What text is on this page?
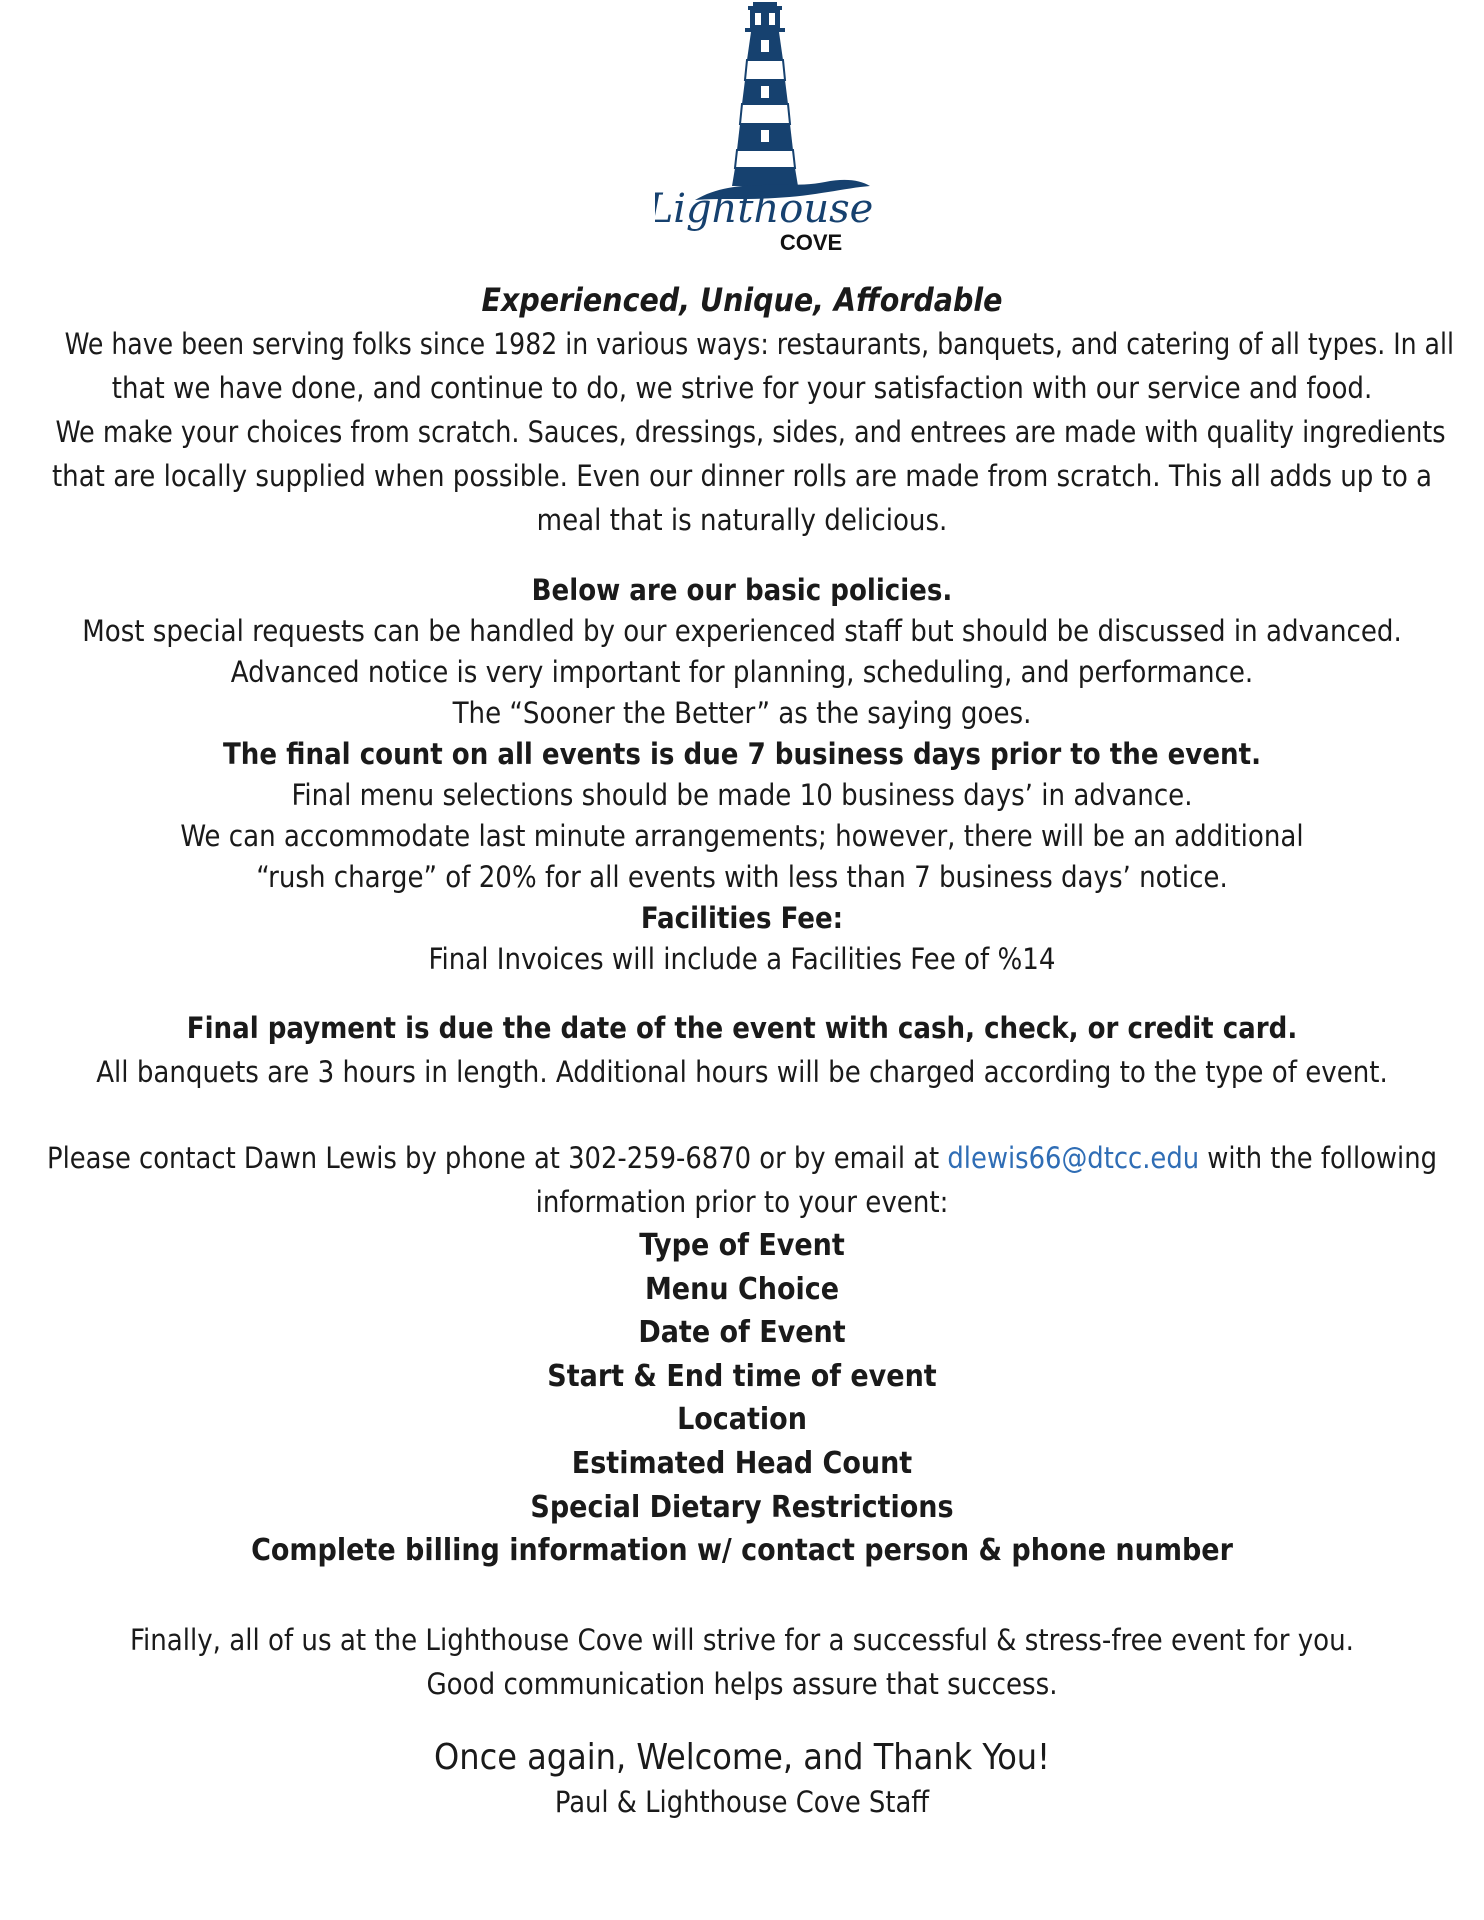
Lighthouse
COVE
Experienced, Unique, Affordable
We have been serving folks since 1982 in various ways: restaurants, banquets, and catering of all types. In all
that we have done, and continue to do, we strive for your satisfaction with our service and food.
We make your choices from scratch. Sauces, dressings, sides, and entrees are made with quality ingredients
that are locally supplied when possible. Even our dinner rolls are made from scratch. This all adds up to a
meal that is naturally delicious.
Below are our basic policies.
Most special requests can be handled by our experienced staff but should be discussed in advanced.
Advanced notice is very important for planning, scheduling, and performance.
The “Sooner the Better” as the saying goes.
The final count on all events is due 7 business days prior to the event.
Final menu selections should be made 10 business days’ in advance.
We can accommodate last minute arrangements; however, there will be an additional
“rush charge” of 20% for all events with less than 7 business days’ notice.
Facilities Fee:
Final Invoices will include a Facilities Fee of %14
Final payment is due the date of the event with cash, check, or credit card.
All banquets are 3 hours in length. Additional hours will be charged according to the type of event.
Please contact Dawn Lewis by phone at 302-259-6870 or by email at dlewis66@dtcc.edu with the following
information prior to your event:
Type of Event
Menu Choice
Date of Event
Start & End time of event
Location
Estimated Head Count
Special Dietary Restrictions
Complete billing information w/ contact person & phone number
Finally, all of us at the Lighthouse Cove will strive for a successful & stress-free event for you.
Good communication helps assure that success.
Once again, Welcome, and Thank You!
Paul & Lighthouse Cove Staff
